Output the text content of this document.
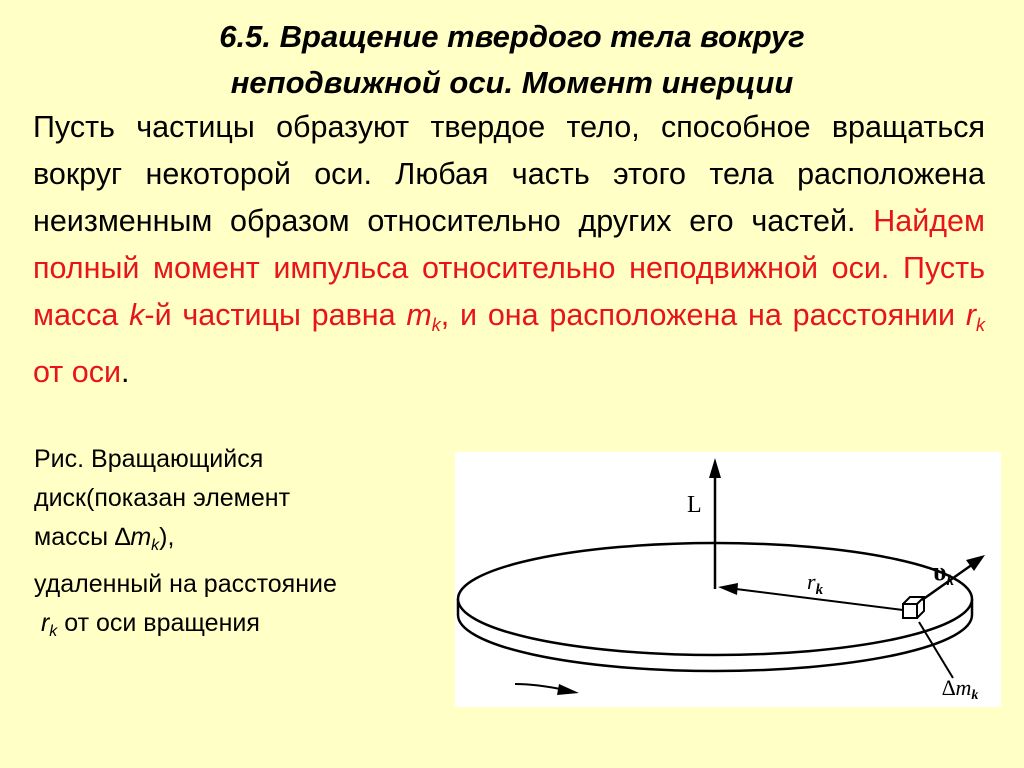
6.5. Вращение твердого тела вокруг
неподвижной оси. Момент инерции
Пусть частицы образуют твердое тело, способное вращаться вокруг некоторой оси. Любая часть этого тела расположена неизменным образом относительно других его частей. Найдем полный момент импульса относительно неподвижной оси. Пусть масса k-й частицы равна $m_k$, и она расположена на расстоянии $r_k$ от оси.
Рис. Вращающийся
диск(показан элемент
массы $\Delta m_k$),
удаленный на расстояние
$r_k$ от оси вращения
L
$r_k$
υk
∆mk
